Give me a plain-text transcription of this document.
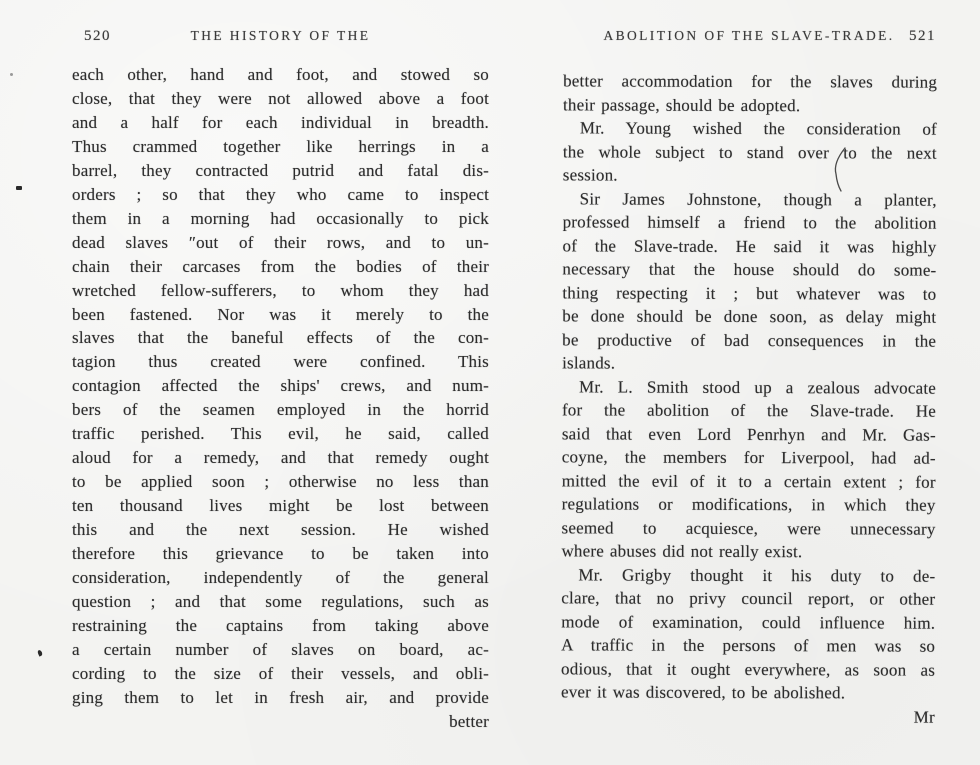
520	THE HISTORY OF THE	ABOLITION OF THE SLAVE-TRADE. 521
each other, hand and foot, and stowed so
close, that they were not allowed above a foot
and a half for each individual in breadth.
Thus crammed together like herrings in a
barrel, they contracted putrid and fatal dis-
orders ; so that they who came to inspect
them in a morning had occasionally to pick
dead slaves ″out of their rows, and to un-
chain their carcases from the bodies of their
wretched fellow-sufferers, to whom they had
been fastened. Nor was it merely to the
slaves that the baneful effects of the con-
tagion thus created were confined. This
contagion affected the ships' crews, and num-
bers of the seamen employed in the horrid
traffic perished. This evil, he said, called
aloud for a remedy, and that remedy ought
to be applied soon ; otherwise no less than
ten thousand lives might be lost between
this and the next session. He wished
therefore this grievance to be taken into
consideration, independently of the general
question ; and that some regulations, such as
restraining the captains from taking above
a certain number of slaves on board, ac-
cording to the size of their vessels, and obli-
ging them to let in fresh air, and provide
better
better accommodation for the slaves during
their passage, should be adopted.
Mr. Young wished the consideration of
the whole subject to stand over to the next
session.
Sir James Johnstone, though a planter,
professed himself a friend to the abolition
of the Slave-trade. He said it was highly
necessary that the house should do some-
thing respecting it ; but whatever was to
be done should be done soon, as delay might
be productive of bad consequences in the
islands.
Mr. L. Smith stood up a zealous advocate
for the abolition of the Slave-trade. He
said that even Lord Penrhyn and Mr. Gas-
coyne, the members for Liverpool, had ad-
mitted the evil of it to a certain extent ; for
regulations or modifications, in which they
seemed to acquiesce, were unnecessary
where abuses did not really exist.
Mr. Grigby thought it his duty to de-
clare, that no privy council report, or other
mode of examination, could influence him.
A traffic in the persons of men was so
odious, that it ought everywhere, as soon as
ever it was discovered, to be abolished.
Mr
